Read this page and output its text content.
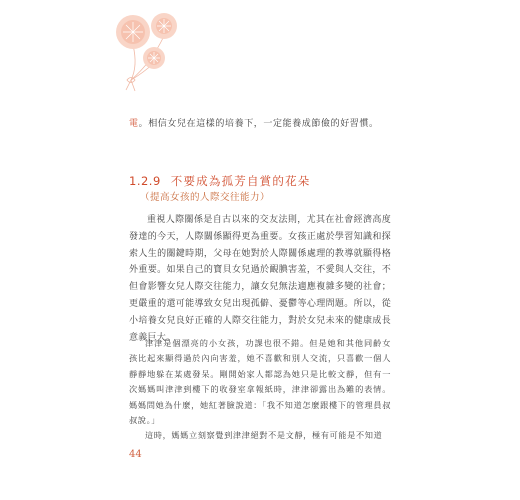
電。相信女兒在這樣的培養下，一定能養成節儉的好習慣。
1.2.9 不要成為孤芳自賞的花朵
（提高女孩的人際交往能力）
重視人際關係是自古以來的交友法則，尤其在社會經濟高度發達的今天，人際關係顯得更為重要。女孩正處於學習知識和探索人生的關鍵時期，父母在她對於人際關係處理的教導就顯得格外重要。如果自己的寶貝女兒過於靦腆害羞，不愛與人交往，不但會影響女兒人際交往能力，讓女兒無法適應複雜多變的社會；更嚴重的還可能導致女兒出現孤僻、憂鬱等心理問題。所以，從小培養女兒良好正確的人際交往能力，對於女兒未來的健康成長意義巨大。

津津是個漂亮的小女孩，功課也很不錯。但是她和其他同齡女孩比起來顯得過於內向害羞，她不喜歡和別人交流，只喜歡一個人靜靜地躲在某處發呆。剛開始家人都認為她只是比較文靜，但有一次媽媽叫津津到樓下的收發室拿報紙時，津津卻露出為難的表情。媽媽問她為什麼，她紅著臉說道：「我不知道怎麼跟樓下的管理員叔叔說。」

這時，媽媽立刻察覺到津津絕對不是文靜，極有可能是不知道

44
